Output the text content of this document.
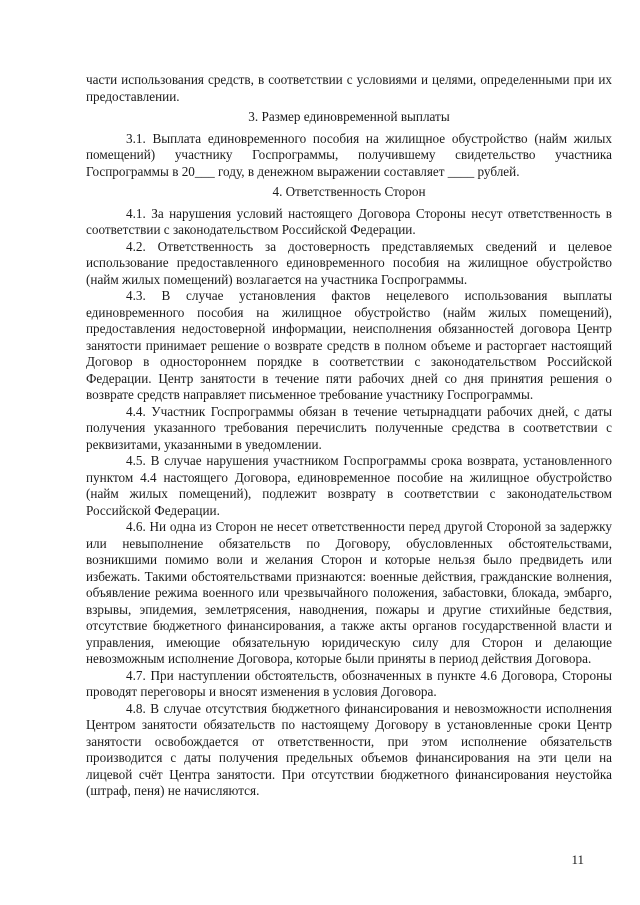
части использования средств, в соответствии с условиями и целями, определенными при их предоставлении.

3. Размер единовременной выплаты

3.1. Выплата единовременного пособия на жилищное обустройство (найм жилых помещений) участнику Госпрограммы, получившему свидетельство участника Госпрограммы в 20___ году, в денежном выражении составляет ____ рублей.

4. Ответственность Сторон

4.1. За нарушения условий настоящего Договора Стороны несут ответственность в соответствии с законодательством Российской Федерации.

4.2. Ответственность за достоверность представляемых сведений и целевое использование предоставленного единовременного пособия на жилищное обустройство (найм жилых помещений) возлагается на участника Госпрограммы.

4.3. В случае установления фактов нецелевого использования выплаты единовременного пособия на жилищное обустройство (найм жилых помещений), предоставления недостоверной информации, неисполнения обязанностей договора Центр занятости принимает решение о возврате средств в полном объеме и расторгает настоящий Договор в одностороннем порядке в соответствии с законодательством Российской Федерации. Центр занятости в течение пяти рабочих дней со дня принятия решения о возврате средств направляет письменное требование участнику Госпрограммы.

4.4. Участник Госпрограммы обязан в течение четырнадцати рабочих дней, с даты получения указанного требования перечислить полученные средства в соответствии с реквизитами, указанными в уведомлении.

4.5. В случае нарушения участником Госпрограммы срока возврата, установленного пунктом 4.4 настоящего Договора, единовременное пособие на жилищное обустройство (найм жилых помещений), подлежит возврату в соответствии с законодательством Российской Федерации.

4.6. Ни одна из Сторон не несет ответственности перед другой Стороной за задержку или невыполнение обязательств по Договору, обусловленных обстоятельствами, возникшими помимо воли и желания Сторон и которые нельзя было предвидеть или избежать. Такими обстоятельствами признаются: военные действия, гражданские волнения, объявление режима военного или чрезвычайного положения, забастовки, блокада, эмбарго, взрывы, эпидемия, землетрясения, наводнения, пожары и другие стихийные бедствия, отсутствие бюджетного финансирования, а также акты органов государственной власти и управления, имеющие обязательную юридическую силу для Сторон и делающие невозможным исполнение Договора, которые были приняты в период действия Договора.

4.7. При наступлении обстоятельств, обозначенных в пункте 4.6 Договора, Стороны проводят переговоры и вносят изменения в условия Договора.

4.8. В случае отсутствия бюджетного финансирования и невозможности исполнения Центром занятости обязательств по настоящему Договору в установленные сроки Центр занятости освобождается от ответственности, при этом исполнение обязательств производится с даты получения предельных объемов финансирования на эти цели на лицевой счёт Центра занятости. При отсутствии бюджетного финансирования неустойка (штраф, пеня) не начисляются.

11
